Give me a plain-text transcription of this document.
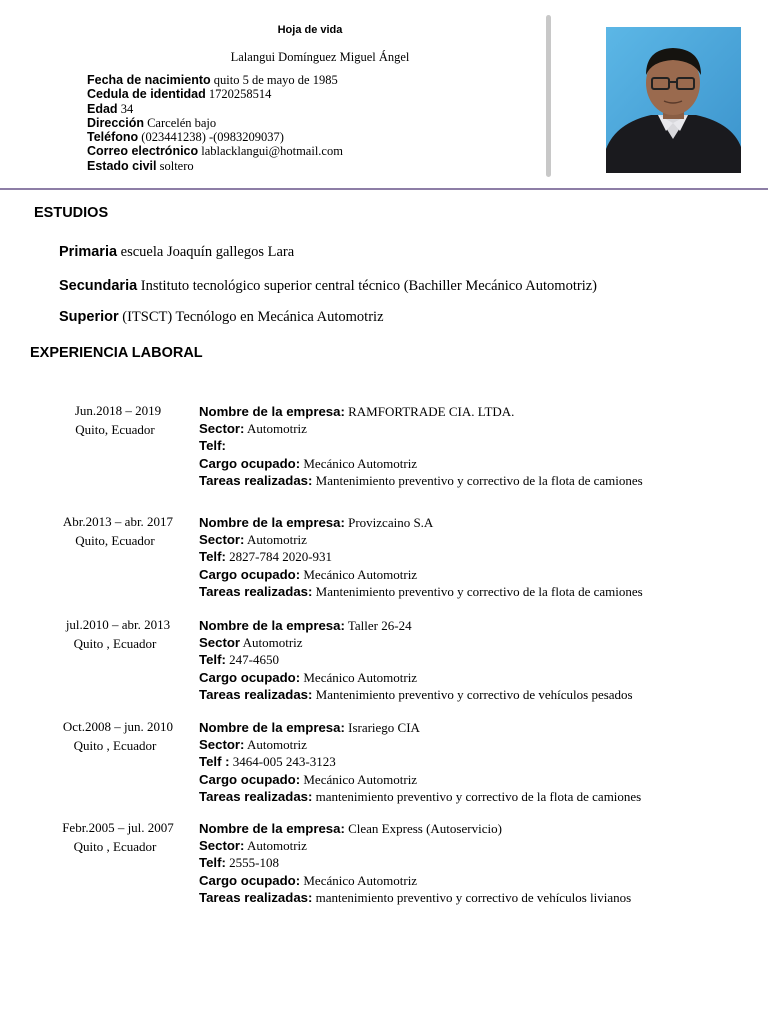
Hoja de vida
Lalangui Domínguez Miguel Ángel
Fecha de nacimiento quito 5 de mayo de 1985
Cedula de identidad 1720258514
Edad 34
Dirección Carcelén bajo
Teléfono (023441238) -(0983209037)
Correo electrónico lablacklangui@hotmail.com
Estado civil soltero
ESTUDIOS
Primaria escuela Joaquín gallegos Lara
Secundaria Instituto tecnológico superior central técnico (Bachiller Mecánico Automotriz)
Superior (ITSCT) Tecnólogo en Mecánica Automotriz
EXPERIENCIA LABORAL
Jun.2018 – 2019
Quito, Ecuador
Nombre de la empresa: RAMFORTRADE CIA. LTDA.
Sector: Automotriz
Telf:
Cargo ocupado: Mecánico Automotriz
Tareas realizadas: Mantenimiento preventivo y correctivo de la flota de camiones
Abr.2013 – abr. 2017
Quito, Ecuador
Nombre de la empresa: Provizcaino S.A
Sector: Automotriz
Telf: 2827-784 2020-931
Cargo ocupado: Mecánico Automotriz
Tareas realizadas: Mantenimiento preventivo y correctivo de la flota de camiones
jul.2010 – abr. 2013
Quito , Ecuador
Nombre de la empresa: Taller 26-24
Sector Automotriz
Telf: 247-4650
Cargo ocupado: Mecánico Automotriz
Tareas realizadas: Mantenimiento preventivo y correctivo de vehículos pesados
Oct.2008 – jun. 2010
Quito , Ecuador
Nombre de la empresa: Israriego CIA
Sector: Automotriz
Telf : 3464-005 243-3123
Cargo ocupado: Mecánico Automotriz
Tareas realizadas: mantenimiento preventivo y correctivo de la flota de camiones
Febr.2005 – jul. 2007
Quito , Ecuador
Nombre de la empresa: Clean Express (Autoservicio)
Sector: Automotriz
Telf: 2555-108
Cargo ocupado: Mecánico Automotriz
Tareas realizadas: mantenimiento preventivo y correctivo de vehículos livianos
